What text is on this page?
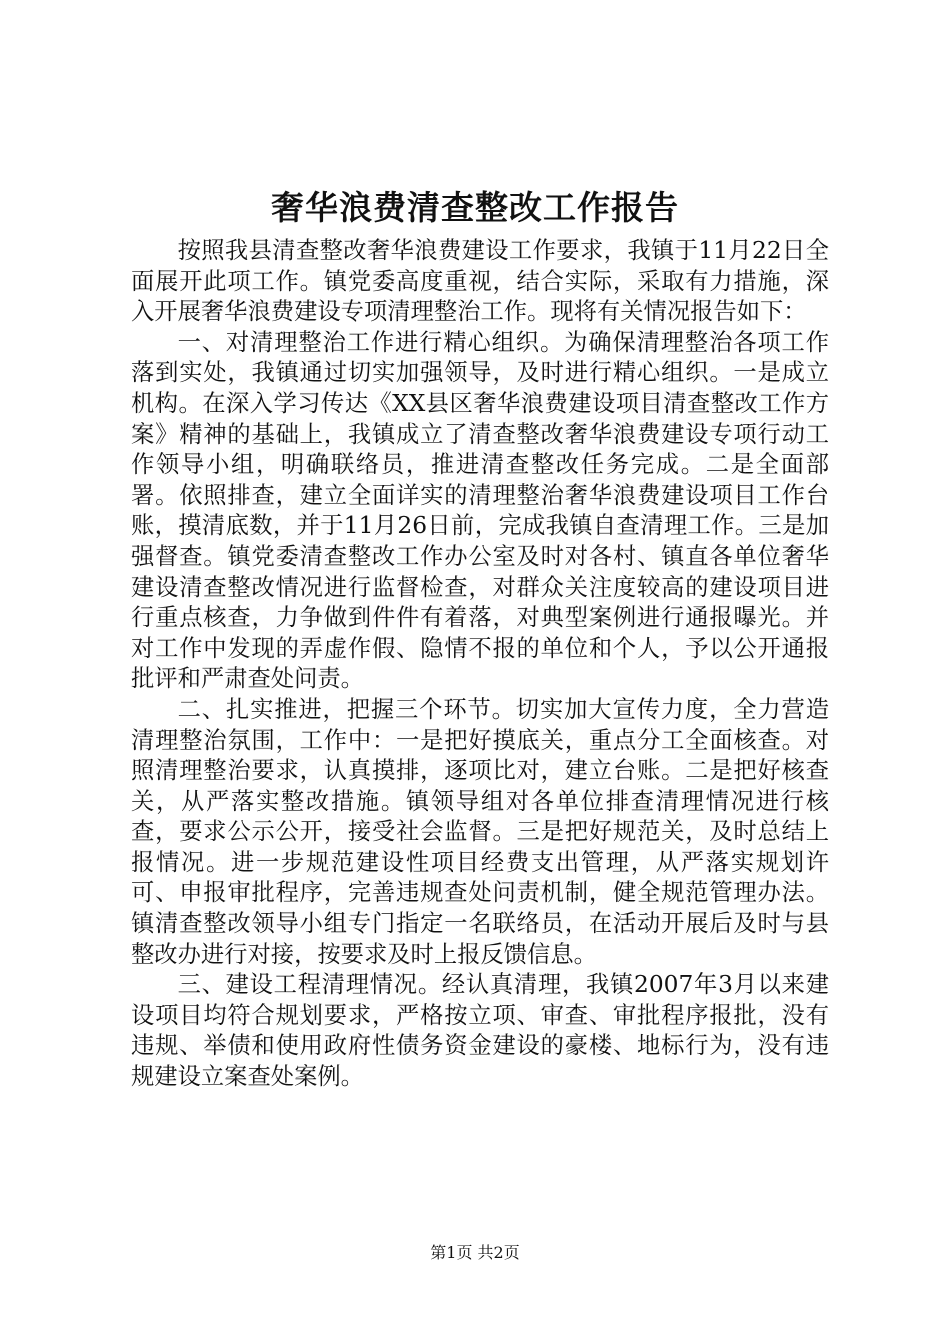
奢华浪费清查整改工作报告

按照我县清查整改奢华浪费建设工作要求，我镇于11月22日全面展开此项工作。镇党委高度重视，结合实际，采取有力措施，深入开展奢华浪费建设专项清理整治工作。现将有关情况报告如下：

一、对清理整治工作进行精心组织。为确保清理整治各项工作落到实处，我镇通过切实加强领导，及时进行精心组织。一是成立机构。在深入学习传达《XX县区奢华浪费建设项目清查整改工作方案》精神的基础上，我镇成立了清查整改奢华浪费建设专项行动工作领导小组，明确联络员，推进清查整改任务完成。二是全面部署。依照排查，建立全面详实的清理整治奢华浪费建设项目工作台账，摸清底数，并于11月26日前，完成我镇自查清理工作。三是加强督查。镇党委清查整改工作办公室及时对各村、镇直各单位奢华建设清查整改情况进行监督检查，对群众关注度较高的建设项目进行重点核查，力争做到件件有着落，对典型案例进行通报曝光。并对工作中发现的弄虚作假、隐情不报的单位和个人，予以公开通报批评和严肃查处问责。

二、扎实推进，把握三个环节。切实加大宣传力度，全力营造清理整治氛围，工作中：一是把好摸底关，重点分工全面核查。对照清理整治要求，认真摸排，逐项比对，建立台账。二是把好核查关，从严落实整改措施。镇领导组对各单位排查清理情况进行核查，要求公示公开，接受社会监督。三是把好规范关，及时总结上报情况。进一步规范建设性项目经费支出管理，从严落实规划许可、申报审批程序，完善违规查处问责机制，健全规范管理办法。镇清查整改领导小组专门指定一名联络员，在活动开展后及时与县整改办进行对接，按要求及时上报反馈信息。

三、建设工程清理情况。经认真清理，我镇2007年3月以来建设项目均符合规划要求，严格按立项、审查、审批程序报批，没有违规、举债和使用政府性债务资金建设的豪楼、地标行为，没有违规建设立案查处案例。

第1页 共2页
